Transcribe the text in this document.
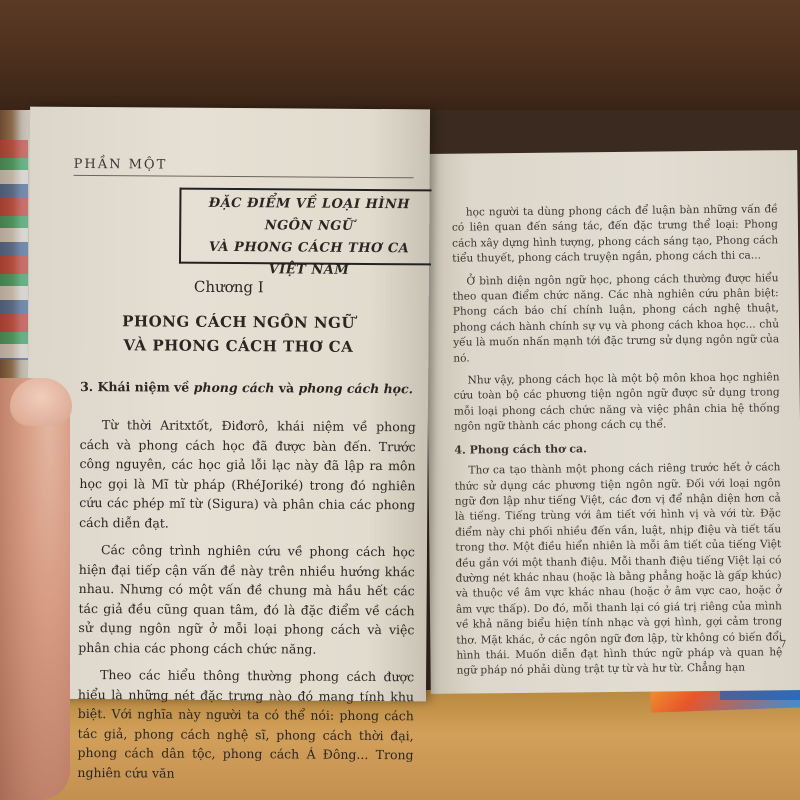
học người ta dùng phong cách để luận bàn những vấn đề có liên quan đến sáng tác, đến đặc trưng thể loại: Phong cách xây dựng hình tượng, phong cách sáng tạo, Phong cách tiểu thuyết, phong cách truyện ngắn, phong cách thi ca...

Ở bình diện ngôn ngữ học, phong cách thường được hiểu theo quan điểm chức năng. Các nhà nghiên cứu phân biệt: Phong cách báo chí chính luận, phong cách nghệ thuật, phong cách hành chính sự vụ và phong cách khoa học... chủ yếu là muốn nhấn mạnh tới đặc trưng sử dụng ngôn ngữ của nó.

Như vậy, phong cách học là một bộ môn khoa học nghiên cứu toàn bộ các phương tiện ngôn ngữ được sử dụng trong mỗi loại phong cách chức năng và việc phân chia hệ thống ngôn ngữ thành các phong cách cụ thể.

4. Phong cách thơ ca.

Thơ ca tạo thành một phong cách riêng trước hết ở cách thức sử dụng các phương tiện ngôn ngữ. Đối với loại ngôn ngữ đơn lập như tiếng Việt, các đơn vị để nhận diện hơn cả là tiếng. Tiếng trùng với âm tiết với hình vị và với từ. Đặc điểm này chi phối nhiều đến vần, luật, nhịp điệu và tiết tấu trong thơ. Một điều hiển nhiên là mỗi âm tiết của tiếng Việt đều gắn với một thanh điệu. Mỗi thanh điệu tiếng Việt lại có đường nét khác nhau (hoặc là bằng phẳng hoặc là gấp khúc) và thuộc về âm vực khác nhau (hoặc ở âm vực cao, hoặc ở âm vực thấp). Do đó, mỗi thanh lại có giá trị riêng của mình về khả năng biểu hiện tính nhạc và gợi hình, gợi cảm trong thơ. Mặt khác, ở các ngôn ngữ đơn lập, từ không có biến đổi hình thái. Muốn diễn đạt hình thức ngữ pháp và quan hệ ngữ pháp nó phải dùng trật tự từ và hư từ. Chẳng hạn

7
PHẦN MỘT
ĐẶC ĐIỂM VỀ LOẠI HÌNH NGÔN NGỮ
VÀ PHONG CÁCH THƠ CA VIỆT NAM
Chương I
PHONG CÁCH NGÔN NGỮ
VÀ PHONG CÁCH THƠ CA
3. Khái niệm về phong cách và phong cách học.

Từ thời Aritxtốt, Điđơrô, khái niệm về phong cách và phong cách học đã được bàn đến. Trước công nguyên, các học giả lỗi lạc này đã lập ra môn học gọi là Mĩ từ pháp (RhéJoriké) trong đó nghiên cứu các phép mĩ từ (Sigura) và phân chia các phong cách diễn đạt.

Các công trình nghiên cứu về phong cách học hiện đại tiếp cận vấn đề này trên nhiều hướng khác nhau. Nhưng có một vấn đề chung mà hầu hết các tác giả đều cũng quan tâm, đó là đặc điểm về cách sử dụng ngôn ngữ ở mỗi loại phong cách và việc phân chia các phong cách chức năng.

Theo các hiểu thông thường phong cách được hiểu là những nét đặc trưng nào đó mang tính khu biệt. Với nghĩa này người ta có thể nói: phong cách tác giả, phong cách nghệ sĩ, phong cách thời đại, phong cách dân tộc, phong cách Á Đông... Trong nghiên cứu văn
